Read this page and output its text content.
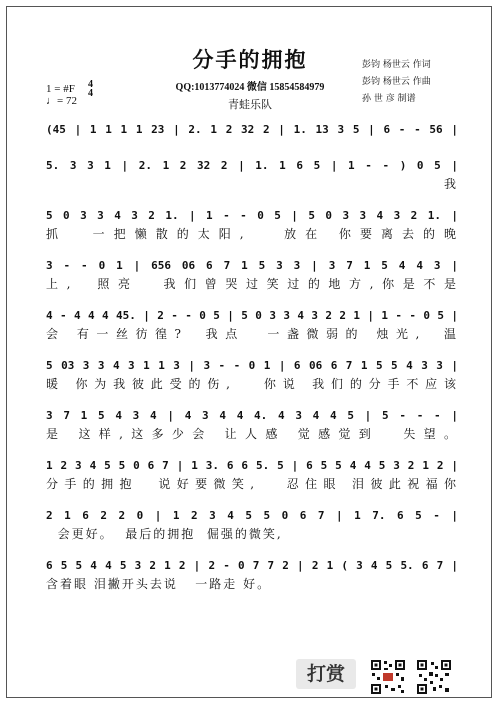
分手的拥抱
QQ:1013774024 微信 15854584979
青蛙乐队
彭钧 杨世云 作词
彭钧 杨世云 作曲
孙 世 彦 制谱
1 = #F
♩= 72
4
4
(45 | 1 1 1 1 23 | 2. 1 2 32 2 | 1. 13 3 5 | 6 - - 56 |
5. 3 3 1 | 2. 1 2 32 2 | 1. 1 6 5 | 1 - - ) 0 5 |
我
5 0 3 3 4 3 2 1. | 1 - - 0 5 | 5 0 3 3 4 3 2 1. |
抓  一把懒散的太阳,   放在 你要离去的晚
3 - - 0 1 | 656 06 6 7 1 5 3 3 | 3 7 1 5 4 4 3 |
上,  照亮  我们曾哭过笑过的地方,你是不是
4 - 4 4 4 45. | 2 - - 0 5 | 5 0 3 3 4 3 2 2 1 | 1 - - 0 5 |
会 有一丝彷徨?  我点  一盏微弱的 烛光,  温
5 03 3 3 4 3 1 1 3 | 3 - - 0 1 | 6 06 6 7 1 5 5 4 3 3 |
暖 你为我彼此受的伤,   你说 我们的分手不应该
3 7 1 5 4 3 4 | 4 3 4 4 4. 4 3 4 4 5 | 5 - - - |
是 这样,这多少会 让人感 觉感觉到  失望。
1 2 3 4 5 5 0 6 7 | 1 3. 6 6 5. 5 | 6 5 5 4 4 5 3 2 1 2 |
分手的拥抱  说好要微笑,   忍住眼 泪彼此祝福你
2 1 6 2 2 0 | 1 2 3 4 5 5 0 6 7 | 1 7. 6 5 - |
会更好。  最后的拥抱  倔强的微笑,
6 5 5 4 4 5 3 2 1 2 | 2 - 0 7 7 2 | 2 1 ( 3 4 5 5. 6 7 |
含着眼 泪撇开头去说   一路走 好。
打赏
